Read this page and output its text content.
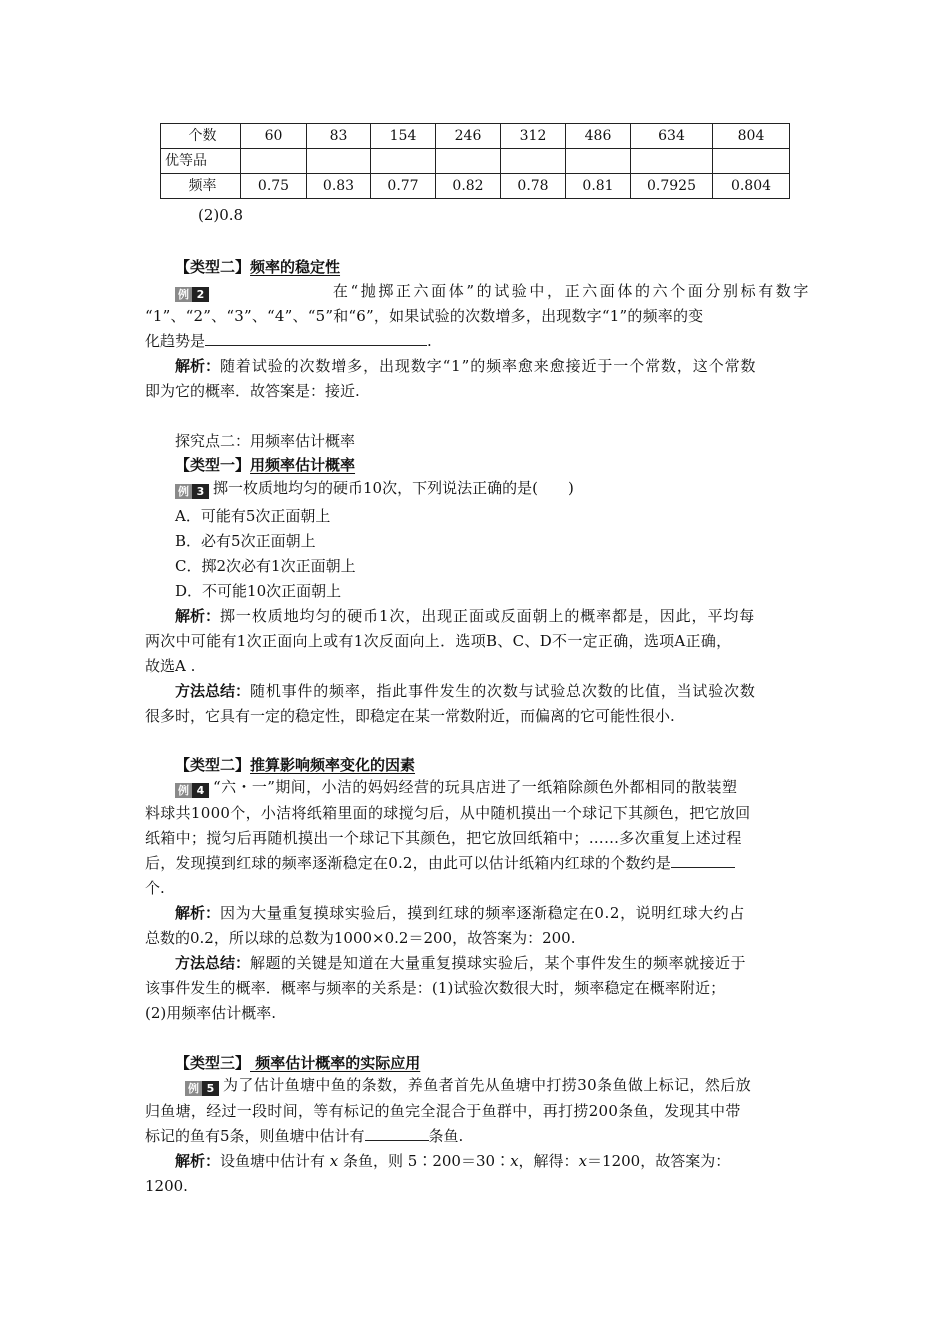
个数	60	83	154	246	312	486	634	804
优等品								
频率	0.75	0.83	0.77	0.82	0.78	0.81	0.7925	0.804
(2)0.8
【类型二】频率的稳定性
例 2	在“抛掷正六面体”的试验中，正六面体的六个面分别标有数字
“1”、“2”、“3”、“4”、“5”和“6”，如果试验的次数增多，出现数字“1”的频率的变
化趋势是	.
解析：随着试验的次数增多，出现数字“1”的频率愈来愈接近于一个常数，这个常数
即为它的概率．故答案是：接近.
探究点二：用频率估计概率
【类型一】用频率估计概率
例 3 掷一枚质地均匀的硬币10次，下列说法正确的是(　　)
A．可能有5次正面朝上
B．必有5次正面朝上
C．掷2次必有1次正面朝上
D．不可能10次正面朝上
解析：掷一枚质地均匀的硬币1次，出现正面或反面朝上的概率都是，因此，平均每
两次中可能有1次正面向上或有1次反面向上．选项B、C、D不一定正确，选项A正确，
故选A .
方法总结：随机事件的频率，指此事件发生的次数与试验总次数的比值，当试验次数
很多时，它具有一定的稳定性，即稳定在某一常数附近，而偏离的它可能性很小.
【类型二】推算影响频率变化的因素
例 4 “六・一”期间，小洁的妈妈经营的玩具店进了一纸箱除颜色外都相同的散装塑
料球共1000个，小洁将纸箱里面的球搅匀后，从中随机摸出一个球记下其颜色，把它放回
纸箱中；搅匀后再随机摸出一个球记下其颜色，把它放回纸箱中；……多次重复上述过程
后，发现摸到红球的频率逐渐稳定在0.2，由此可以估计纸箱内红球的个数约是
个.
解析：因为大量重复摸球实验后，摸到红球的频率逐渐稳定在0.2，说明红球大约占
总数的0.2，所以球的总数为1000×0.2＝200，故答案为：200.
方法总结：解题的关键是知道在大量重复摸球实验后，某个事件发生的频率就接近于
该事件发生的概率．概率与频率的关系是：(1)试验次数很大时，频率稳定在概率附近；
(2)用频率估计概率.
【类型三】 频率估计概率的实际应用
例 5 为了估计鱼塘中鱼的条数，养鱼者首先从鱼塘中打捞30条鱼做上标记，然后放
归鱼塘，经过一段时间，等有标记的鱼完全混合于鱼群中，再打捞200条鱼，发现其中带
标记的鱼有5条，则鱼塘中估计有	条鱼.
解析：设鱼塘中估计有 x 条鱼，则 5∶200＝30∶x，解得：x＝1200，故答案为：
1200.
